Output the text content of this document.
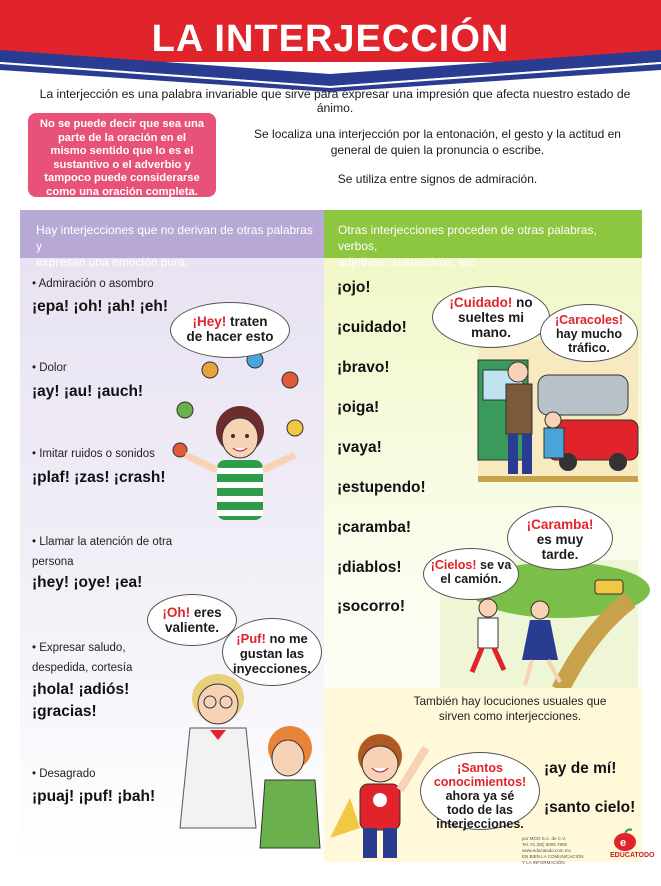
LA INTERJECCIÓN
La interjección es una palabra invariable que sirve para expresar una impresión que afecta nuestro estado de ánimo.
No se puede decir que sea una
parte de la oración en el
mismo sentido que lo es el
sustantivo o el adverbio y
tampoco puede considerarse
como una oración completa.
Se localiza una interjección por la entonación, el gesto y la actitud en
general de quien la pronuncia o escribe.
Se utiliza entre signos de admiración.
Hay interjecciones que no derivan de otras palabras y
expresan una emoción pura:
Otras interjecciones proceden de otras palabras, verbos,
adjetivos, sustantivos, etc.
• Admiración o asombro
¡epa! ¡oh! ¡ah! ¡eh!
• Dolor
¡ay! ¡au! ¡auch!
• Imitar ruidos o sonidos
¡plaf! ¡zas! ¡crash!
• Llamar la atención de otra
persona
¡hey! ¡oye! ¡ea!
• Expresar saludo,
despedida, cortesía
¡hola! ¡adiós!
¡gracias!
• Desagrado
¡puaj! ¡puf! ¡bah!
¡ojo!
¡cuidado!
¡bravo!
¡oiga!
¡vaya!
¡estupendo!
¡caramba!
¡diablos!
¡socorro!
¡Hey! traten
de hacer esto
¡Oh! eres
valiente.
¡Puf! no me
gustan las
inyecciones.
¡Cuidado! no
sueltes mi
mano.
¡Caracoles!
hay mucho
tráfico.
¡Caramba!
es muy
tarde.
¡Cielos! se va
el camión.
También hay locuciones usuales que
sirven como interjecciones.
¡Santos
conocimientos!
ahora ya sé
todo de las
interjecciones.
¡ay de mí!
¡santo cielo!
por MOO S.A. de C.V.
Tel. 01 (55) 5005 7805
www.educatodo.com.mx
EN BIEN LA COMUNICACIÓN
Y LA INFORMACIÓN
e
EDUCATODO
